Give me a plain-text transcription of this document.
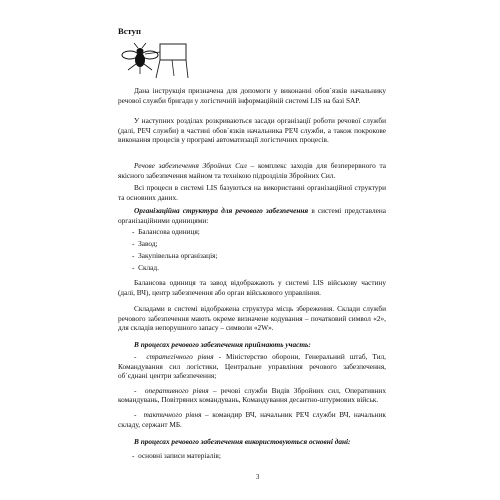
Вступ

Дана інструкція призначена для допомоги у виконанні обов`язків начальнику речової служби бригади у логістичній інформаційній системі LIS на базі SAP.

У наступних розділах розкриваються засади організації роботи речової служби (далі, РЕЧ служби) в частині обов`язків начальника РЕЧ служби, а також покрокове виконання процесів у програмі автоматизації логістичних процесів.

Речове забезпечення Збройних Сил – комплекс заходів для безперервного та якісного забезпечення майном та технікою підрозділів Збройних Сил.

Всі процеси в системі LIS базуються на використанні організаційної структури та основних даних.

Організаційна структура для речового забезпечення в системі представлена організаційними одиницями:

-  Балансова одиниця;

-  Завод;

-  Закупівельна організація;

-  Склад.

Балансова одиниця та завод відображають у системі LIS військову частину (далі, ВЧ), центр забезпечення або орган військового управління.

Складами в системі відображена структура місць збереження. Склади служби речового забезпечення мають окреме визначене кодування – початковий символ «2», для складів непорушного запасу – символи «2W».

В процесах речового забезпечення приймають участь:

-  стратегічного рівня - Міністерство оборони, Генеральний штаб, Тил, Командування сил логістики, Центральне управління речового забезпечення, об`єднані центри забезпечення;

-  оперативного рівня – речові служби Видів Збройних сил, Оперативних командувань, Повітряних командувань, Командування десантно-штурмових військ.

-  тактичного рівня – командир ВЧ, начальник РЕЧ служби ВЧ, начальник складу, сержант МБ.

В процесах речового забезпечення використовуються основні дані:

-  основні записи матеріалів;

3
